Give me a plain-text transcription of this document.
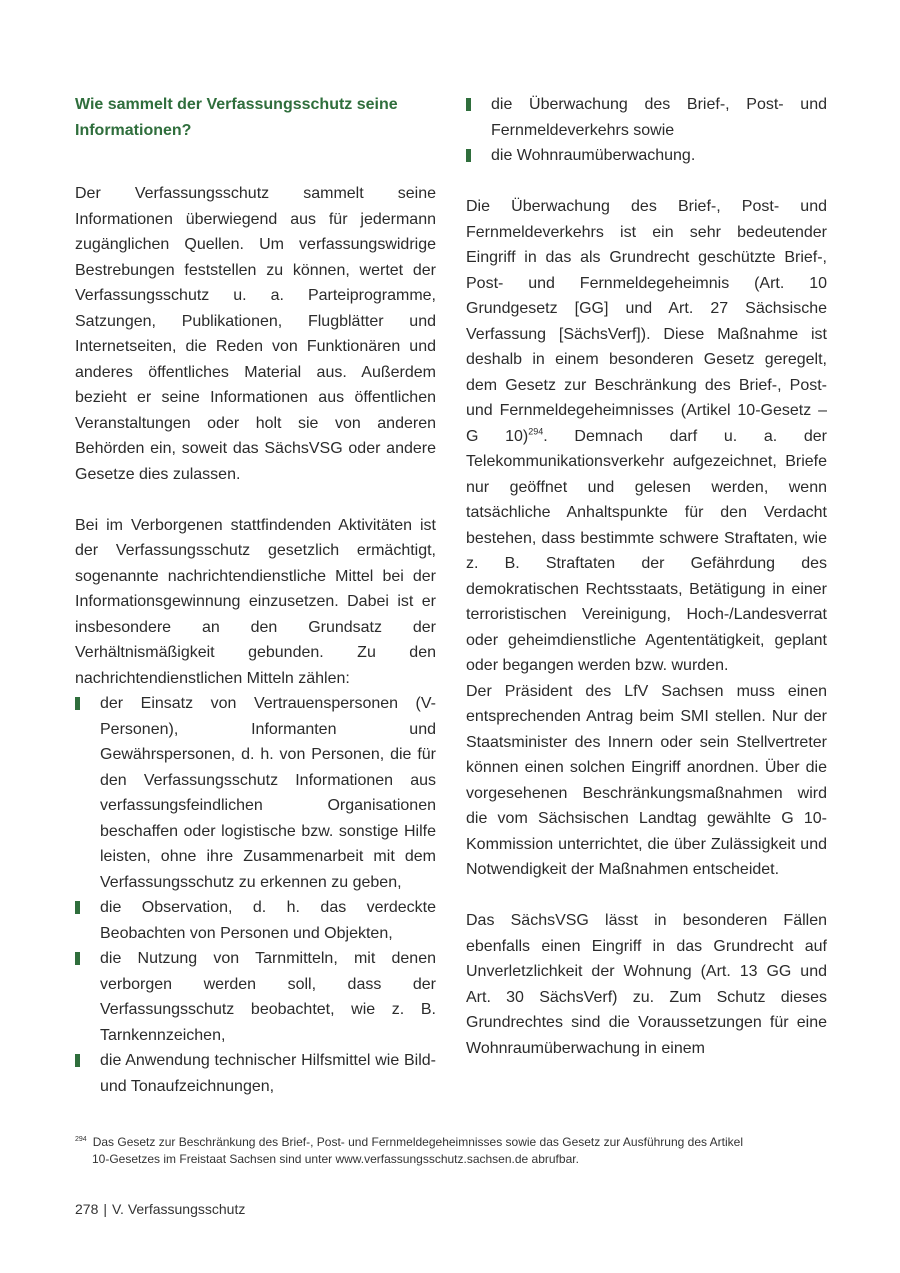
Wie sammelt der Verfassungsschutz seine Informationen?

Der Verfassungsschutz sammelt seine Informationen überwiegend aus für jedermann zugänglichen Quellen. Um verfassungswidrige Bestrebungen feststellen zu können, wertet der Verfassungsschutz u. a. Parteiprogramme, Satzungen, Publikationen, Flugblätter und Internetseiten, die Reden von Funktionären und anderes öffentliches Material aus. Außerdem bezieht er seine Informationen aus öffentlichen Veranstaltungen oder holt sie von anderen Behörden ein, soweit das SächsVSG oder andere Gesetze dies zulassen.

Bei im Verborgenen stattfindenden Aktivitäten ist der Verfassungsschutz gesetzlich ermächtigt, sogenannte nachrichtendienstliche Mittel bei der Informationsgewinnung einzusetzen. Dabei ist er insbesondere an den Grundsatz der Verhältnismäßigkeit gebunden. Zu den nachrichtendienstlichen Mitteln zählen:

der Einsatz von Vertrauenspersonen (V-Personen), Informanten und Gewährspersonen, d. h. von Personen, die für den Verfassungsschutz Informationen aus verfassungsfeindlichen Organisationen beschaffen oder logistische bzw. sonstige Hilfe leisten, ohne ihre Zusammenarbeit mit dem Verfassungsschutz zu erkennen zu geben,
die Observation, d. h. das verdeckte Beobachten von Personen und Objekten,
die Nutzung von Tarnmitteln, mit denen verborgen werden soll, dass der Verfassungsschutz beobachtet, wie z. B. Tarnkennzeichen,
die Anwendung technischer Hilfsmittel wie Bild- und Tonaufzeichnungen,
die Überwachung des Brief-, Post- und Fernmeldeverkehrs sowie
die Wohnraumüberwachung.

Die Überwachung des Brief-, Post- und Fernmeldeverkehrs ist ein sehr bedeutender Eingriff in das als Grundrecht geschützte Brief-, Post- und Fernmeldegeheimnis (Art. 10 Grundgesetz [GG] und Art. 27 Sächsische Verfassung [SächsVerf]). Diese Maßnahme ist deshalb in einem besonderen Gesetz geregelt, dem Gesetz zur Beschränkung des Brief-, Post- und Fernmeldegeheimnisses (Artikel 10-Gesetz – G 10)$^{294}$. Demnach darf u. a. der Telekommunikationsverkehr aufgezeichnet, Briefe nur geöffnet und gelesen werden, wenn tatsächliche Anhaltspunkte für den Verdacht bestehen, dass bestimmte schwere Straftaten, wie z. B. Straftaten der Gefährdung des demokratischen Rechtsstaats, Betätigung in einer terroristischen Vereinigung, Hoch-/Landesverrat oder geheimdienstliche Agententätigkeit, geplant oder begangen werden bzw. wurden.

Der Präsident des LfV Sachsen muss einen entsprechenden Antrag beim SMI stellen. Nur der Staatsminister des Innern oder sein Stellvertreter können einen solchen Eingriff anordnen. Über die vorgesehenen Beschränkungsmaßnahmen wird die vom Sächsischen Landtag gewählte G 10-Kommission unterrichtet, die über Zulässigkeit und Notwendigkeit der Maßnahmen entscheidet.

Das SächsVSG lässt in besonderen Fällen ebenfalls einen Eingriff in das Grundrecht auf Unverletzlichkeit der Wohnung (Art. 13 GG und Art. 30 SächsVerf) zu. Zum Schutz dieses Grundrechtes sind die Voraussetzungen für eine Wohnraumüberwachung in einem

$^{294}$ Das Gesetz zur Beschränkung des Brief-, Post- und Fernmeldegeheimnisses sowie das Gesetz zur Ausführung des Artikel
10-Gesetzes im Freistaat Sachsen sind unter www.verfassungsschutz.sachsen.de abrufbar.
278 | V. Verfassungsschutz
